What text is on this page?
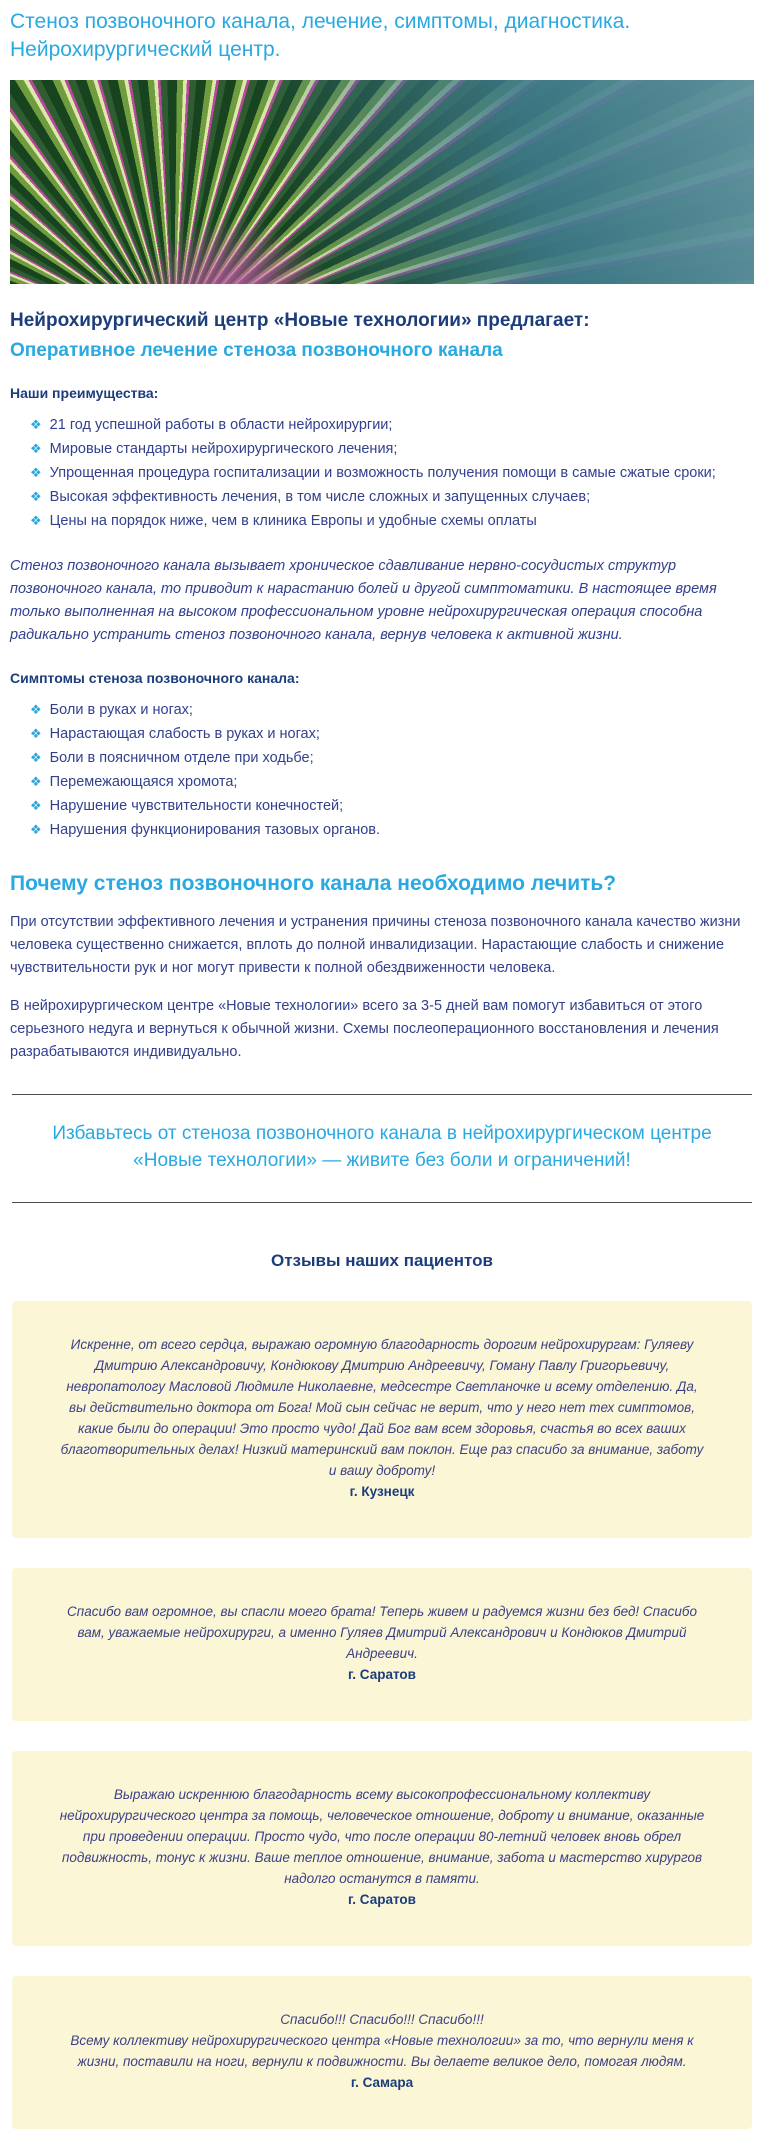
Стеноз позвоночного канала, лечение, симптомы, диагностика. Нейрохирургический центр.
Нейрохирургический центр «Новые технологии» предлагает:
Оперативное лечение стеноза позвоночного канала
Наши преимущества:
❖ 21 год успешной работы в области нейрохирургии;
❖ Мировые стандарты нейрохирургического лечения;
❖ Упрощенная процедура госпитализации и возможность получения помощи в самые сжатые сроки;
❖ Высокая эффективность лечения, в том числе сложных и запущенных случаев;
❖ Цены на порядок ниже, чем в клиника Европы и удобные схемы оплаты

Стеноз позвоночного канала вызывает хроническое сдавливание нервно-сосудистых структур позвоночного канала, то приводит к нарастанию болей и другой симптоматики. В настоящее время только выполненная на высоком профессиональном уровне нейрохирургическая операция способна радикально устранить стеноз позвоночного канала, вернув человека к активной жизни.

Симптомы стеноза позвоночного канала:
❖ Боли в руках и ногах;
❖ Нарастающая слабость в руках и ногах;
❖ Боли в поясничном отделе при ходьбе;
❖ Перемежающаяся хромота;
❖ Нарушение чувствительности конечностей;
❖ Нарушения функционирования тазовых органов.
Почему стеноз позвоночного канала необходимо лечить?

При отсутствии эффективного лечения и устранения причины стеноза позвоночного канала качество жизни человека существенно снижается, вплоть до полной инвалидизации. Нарастающие слабость и снижение чувствительности рук и ног могут привести к полной обездвиженности человека.

В нейрохирургическом центре «Новые технологии» всего за 3-5 дней вам помогут избавиться от этого серьезного недуга и вернуться к обычной жизни. Схемы послеоперационного восстановления и лечения разрабатываются индивидуально.

Избавьтесь от стеноза позвоночного канала в нейрохирургическом центре «Новые технологии» — живите без боли и ограничений!

Отзывы наших пациентов

Искренне, от всего сердца, выражаю огромную благодарность дорогим нейрохирургам: Гуляеву Дмитрию Александровичу, Кондюкову Дмитрию Андреевичу, Гоману Павлу Григорьевичу, невропатологу Масловой Людмиле Николаевне, медсестре Светланочке и всему отделению. Да, вы действительно доктора от Бога! Мой сын сейчас не верит, что у него нет тех симптомов, какие были до операции! Это просто чудо! Дай Бог вам всем здоровья, счастья во всех ваших благотворительных делах! Низкий материнский вам поклон. Еще раз спасибо за внимание, заботу и вашу доброту!

г. Кузнецк

Спасибо вам огромное, вы спасли моего брата! Теперь живем и радуемся жизни без бед! Спасибо вам, уважаемые нейрохирурги, а именно Гуляев Дмитрий Александрович и Кондюков Дмитрий Андреевич.

г. Саратов

Выражаю искреннюю благодарность всему высокопрофессиональному коллективу нейрохирургического центра за помощь, человеческое отношение, доброту и внимание, оказанные при проведении операции. Просто чудо, что после операции 80-летний человек вновь обрел подвижность, тонус к жизни. Ваше теплое отношение, внимание, забота и мастерство хирургов надолго останутся в памяти.

г. Саратов

Спасибо!!! Спасибо!!! Спасибо!!!
Всему коллективу нейрохирургического центра «Новые технологии» за то, что вернули меня к жизни, поставили на ноги, вернули к подвижности. Вы делаете великое дело, помогая людям.

г. Самара
